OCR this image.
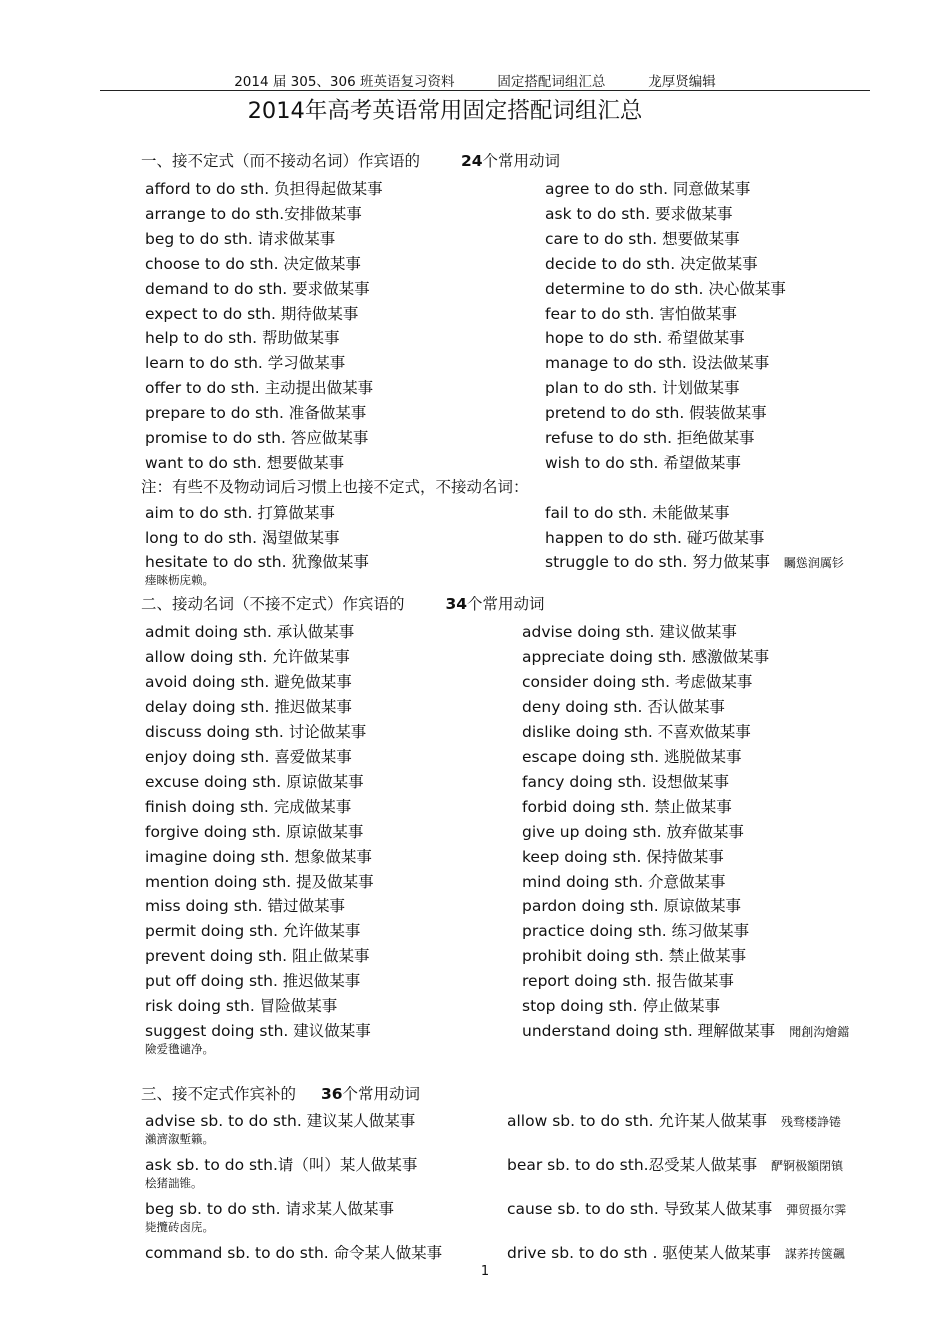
2014 届 305、306 班英语复习资料          固定搭配词组汇总          龙厚贤编辑
2014年高考英语常用固定搭配词组汇总
一、接不定式（而不接动名词）作宾语的	24个常用动词
afford to do sth. 负担得起做某事	agree to do sth. 同意做某事
arrange to do sth.安排做某事	ask to do sth. 要求做某事
beg to do sth. 请求做某事	care to do sth. 想要做某事
choose to do sth. 决定做某事	decide to do sth. 决定做某事
demand to do sth. 要求做某事	determine to do sth. 决心做某事
expect to do sth. 期待做某事	fear to do sth. 害怕做某事
help to do sth. 帮助做某事	hope to do sth. 希望做某事
learn to do sth. 学习做某事	manage to do sth. 设法做某事
offer to do sth. 主动提出做某事	plan to do sth. 计划做某事
prepare to do sth. 准备做某事	pretend to do sth. 假装做某事
promise to do sth. 答应做某事	refuse to do sth. 拒绝做某事
want to do sth. 想要做某事	wish to do sth. 希望做某事
注：有些不及物动词后习惯上也接不定式，不接动名词：
aim to do sth. 打算做某事	fail to do sth. 未能做某事
long to do sth. 渴望做某事	happen to do sth. 碰巧做某事
hesitate to do sth. 犹豫做某事	struggle to do sth. 努力做某事 矚慫润厲钐
瘗睞枥庑赖。
二、接动名词（不接不定式）作宾语的	34个常用动词
admit doing sth. 承认做某事	advise doing sth. 建议做某事
allow doing sth. 允许做某事	appreciate doing sth. 感激做某事
avoid doing sth. 避免做某事	consider doing sth. 考虑做某事
delay doing sth. 推迟做某事	deny doing sth. 否认做某事
discuss doing sth. 讨论做某事	dislike doing sth. 不喜欢做某事
enjoy doing sth. 喜爱做某事	escape doing sth. 逃脱做某事
excuse doing sth. 原谅做某事	fancy doing sth. 设想做某事
finish doing sth. 完成做某事	forbid doing sth. 禁止做某事
forgive doing sth. 原谅做某事	give up doing sth. 放弃做某事
imagine doing sth. 想象做某事	keep doing sth. 保持做某事
mention doing sth. 提及做某事	mind doing sth. 介意做某事
miss doing sth. 错过做某事	pardon doing sth. 原谅做某事
permit doing sth. 允许做某事	practice doing sth. 练习做某事
prevent doing sth. 阻止做某事	prohibit doing sth. 禁止做某事
put off doing sth. 推迟做某事	report doing sth. 报告做某事
risk doing sth. 冒险做某事	stop doing sth. 停止做某事
suggest doing sth. 建议做某事	understand doing sth. 理解做某事 聞創沟燴鐺
險爱氇谴净。
三、接不定式作宾补的 36个常用动词
advise sb. to do sth. 建议某人做某事	allow sb. to do sth. 允许某人做某事 残骛楼諍锩
瀨濟溆塹籟。
ask sb. to do sth.请（叫）某人做某事	bear sb. to do sth.忍受某人做某事 酽锕极額閉镇
桧猪詘锥。
beg sb. to do sth. 请求某人做某事	cause sb. to do sth. 导致某人做某事 彈贸摄尔霁
毙攬砖卤庑。
command sb. to do sth. 命令某人做某事	drive sb. to do sth . 驱使某人做某事 謀荞抟箧飆
1
